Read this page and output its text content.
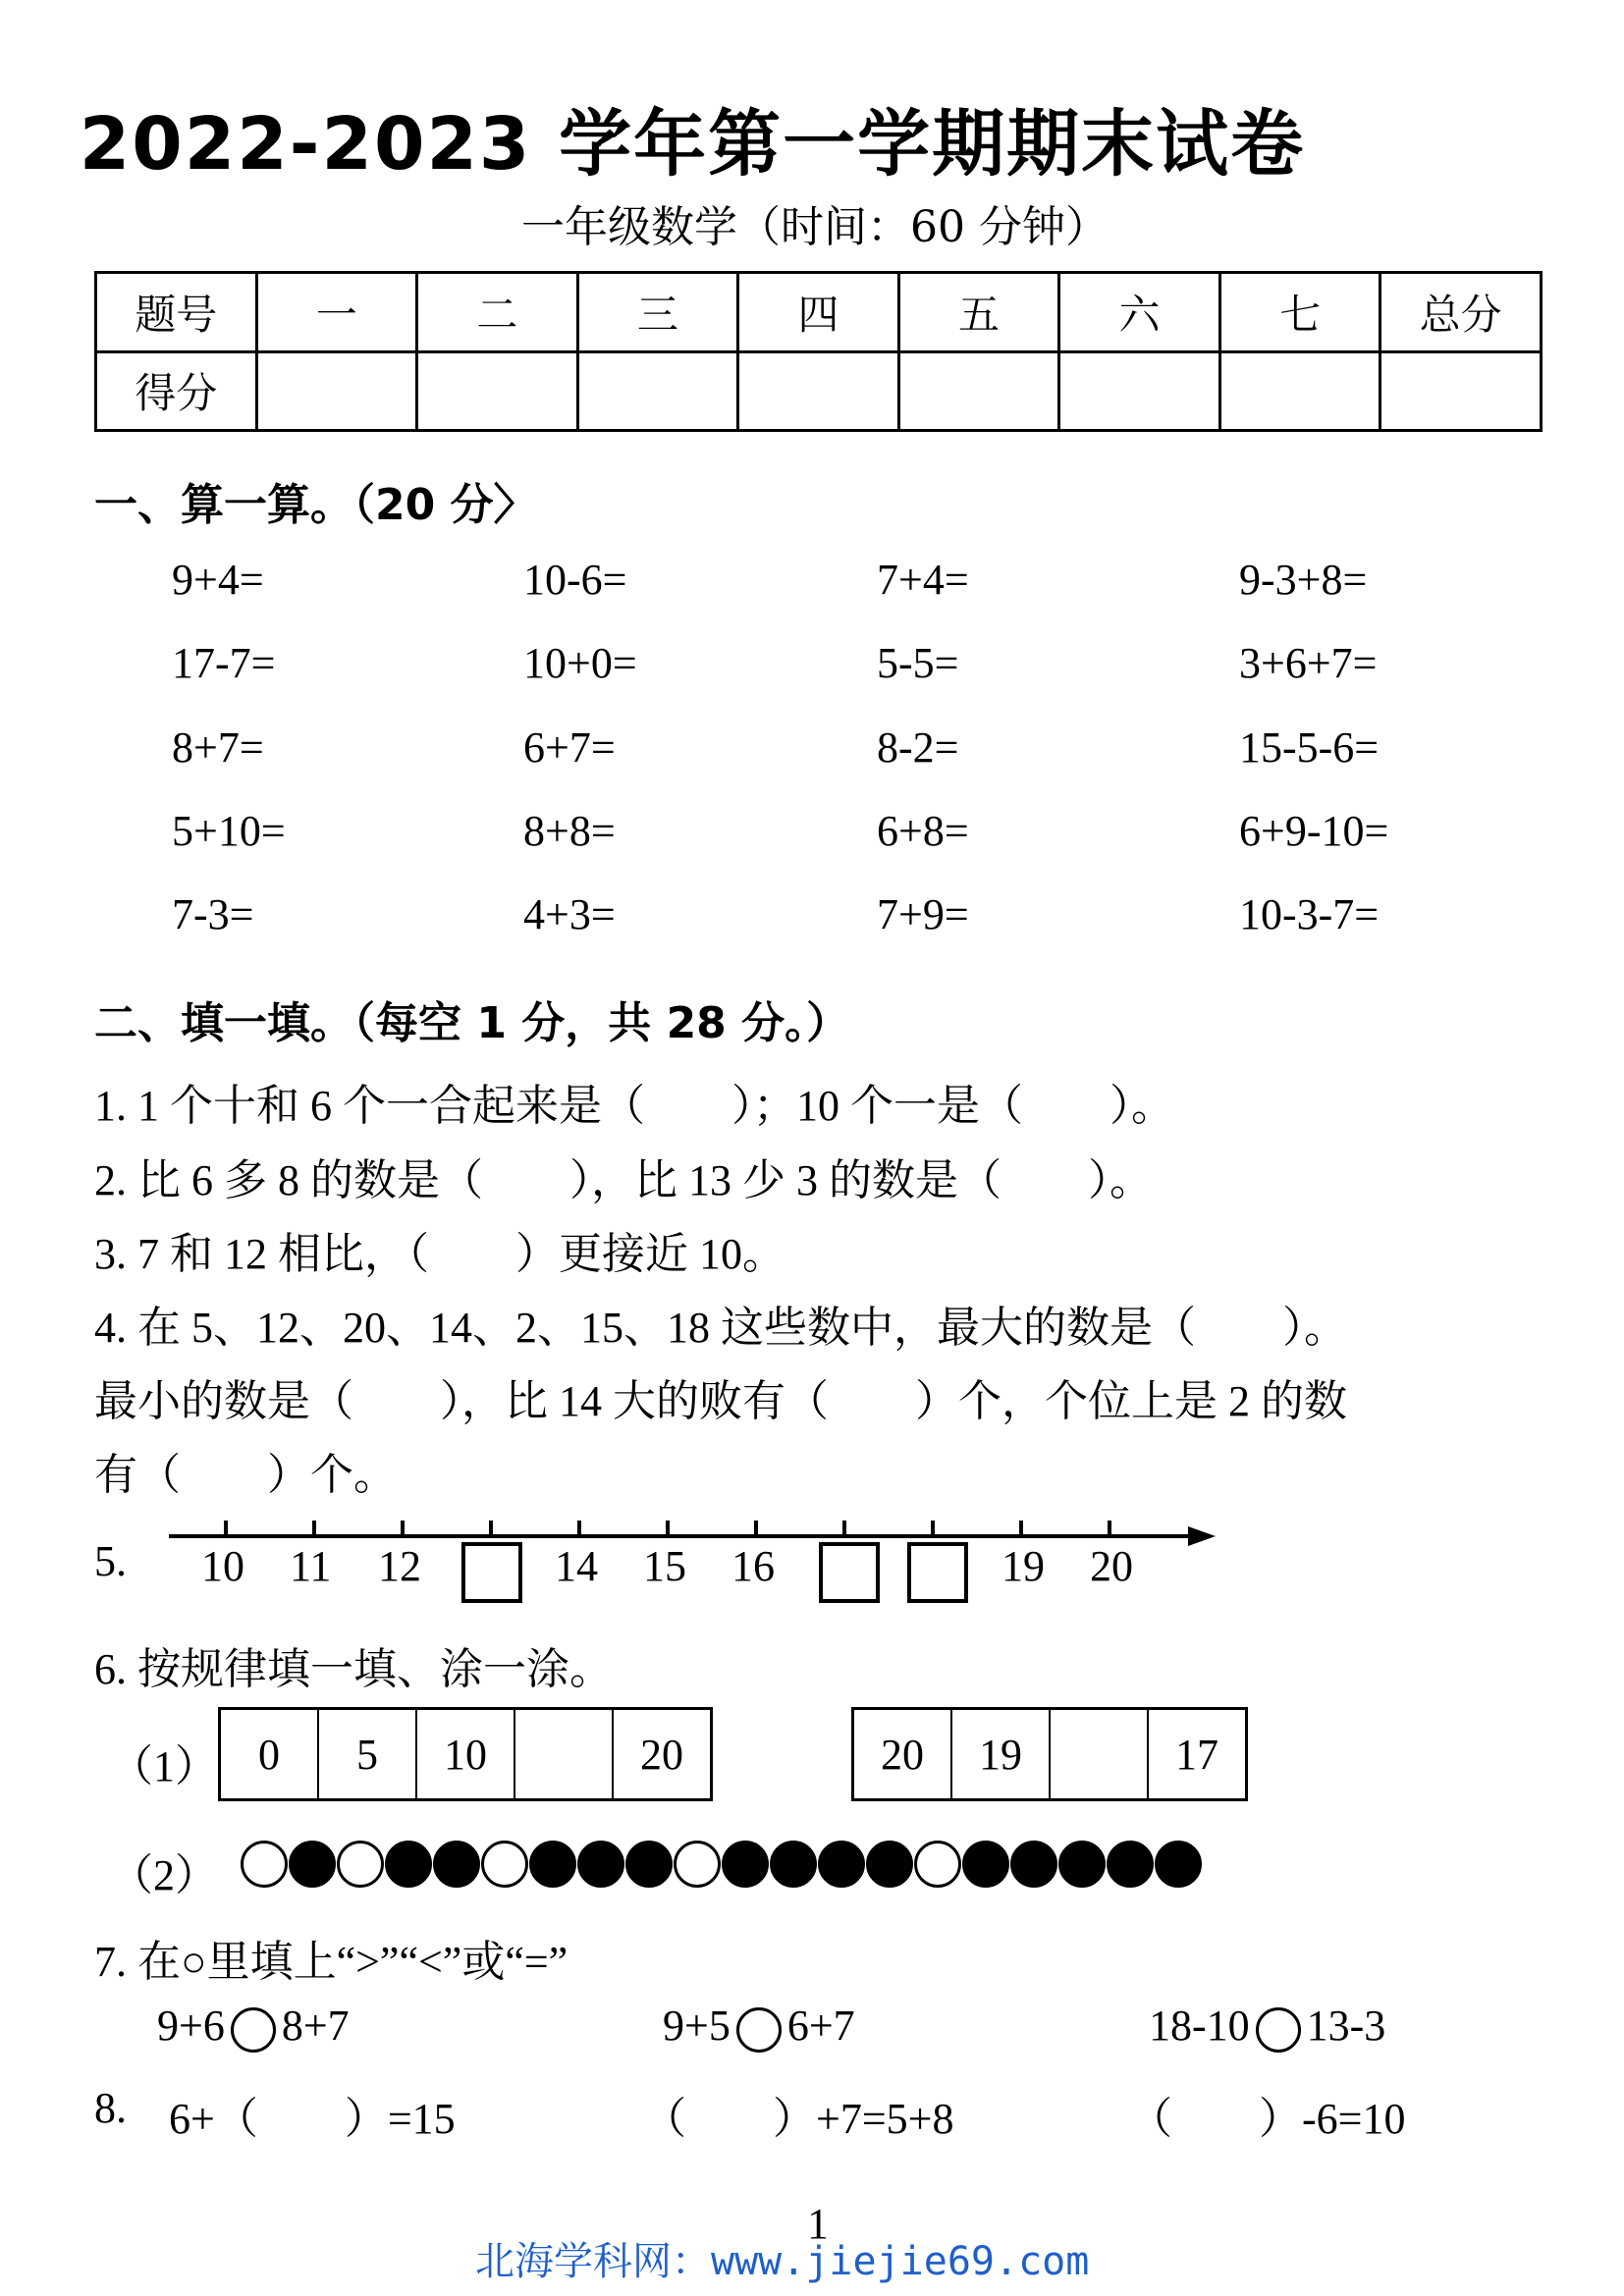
2022-2023 学年第一学期期末试卷
一年级数学（时间：60 分钟）
题号	一	二	三	四	五	六	七	总分
得分								
一、算一算。（20 分〉
9+4=	10-6=	7+4=	9-3+8=
17-7=	10+0=	5-5=	3+6+7=
8+7=	6+7=	8-2=	15-5-6=
5+10=	8+8=	6+8=	6+9-10=
7-3=	4+3=	7+9=	10-3-7=
二、填一填。（每空 1 分，共 28 分。）
1. 1 个十和 6 个一合起来是（　　）；10 个一是（　　）。
2. 比 6 多 8 的数是（　　），比 13 少 3 的数是（　　）。
3. 7 和 12 相比，（　　）更接近 10。
4. 在 5、12、20、14、2、15、18 这些数中，最大的数是（　　）。
最小的数是（　　），比 14 大的败有（　　）个，个位上是 2 的数
有（　　）个。
5. 10 11 12	14 15 16	19 20
6. 按规律填一填、涂一涂。
（1） 0	5	10	20	20	19	17
（2）
7. 在○里填上“>”“<”或“=”
9+6 8+7	9+5 6+7	18-10 13-3
8. 6+（　　）=15	（　　）+7=5+8	（　　）-6=10
1
北海学科网：www.jiejie69.com
